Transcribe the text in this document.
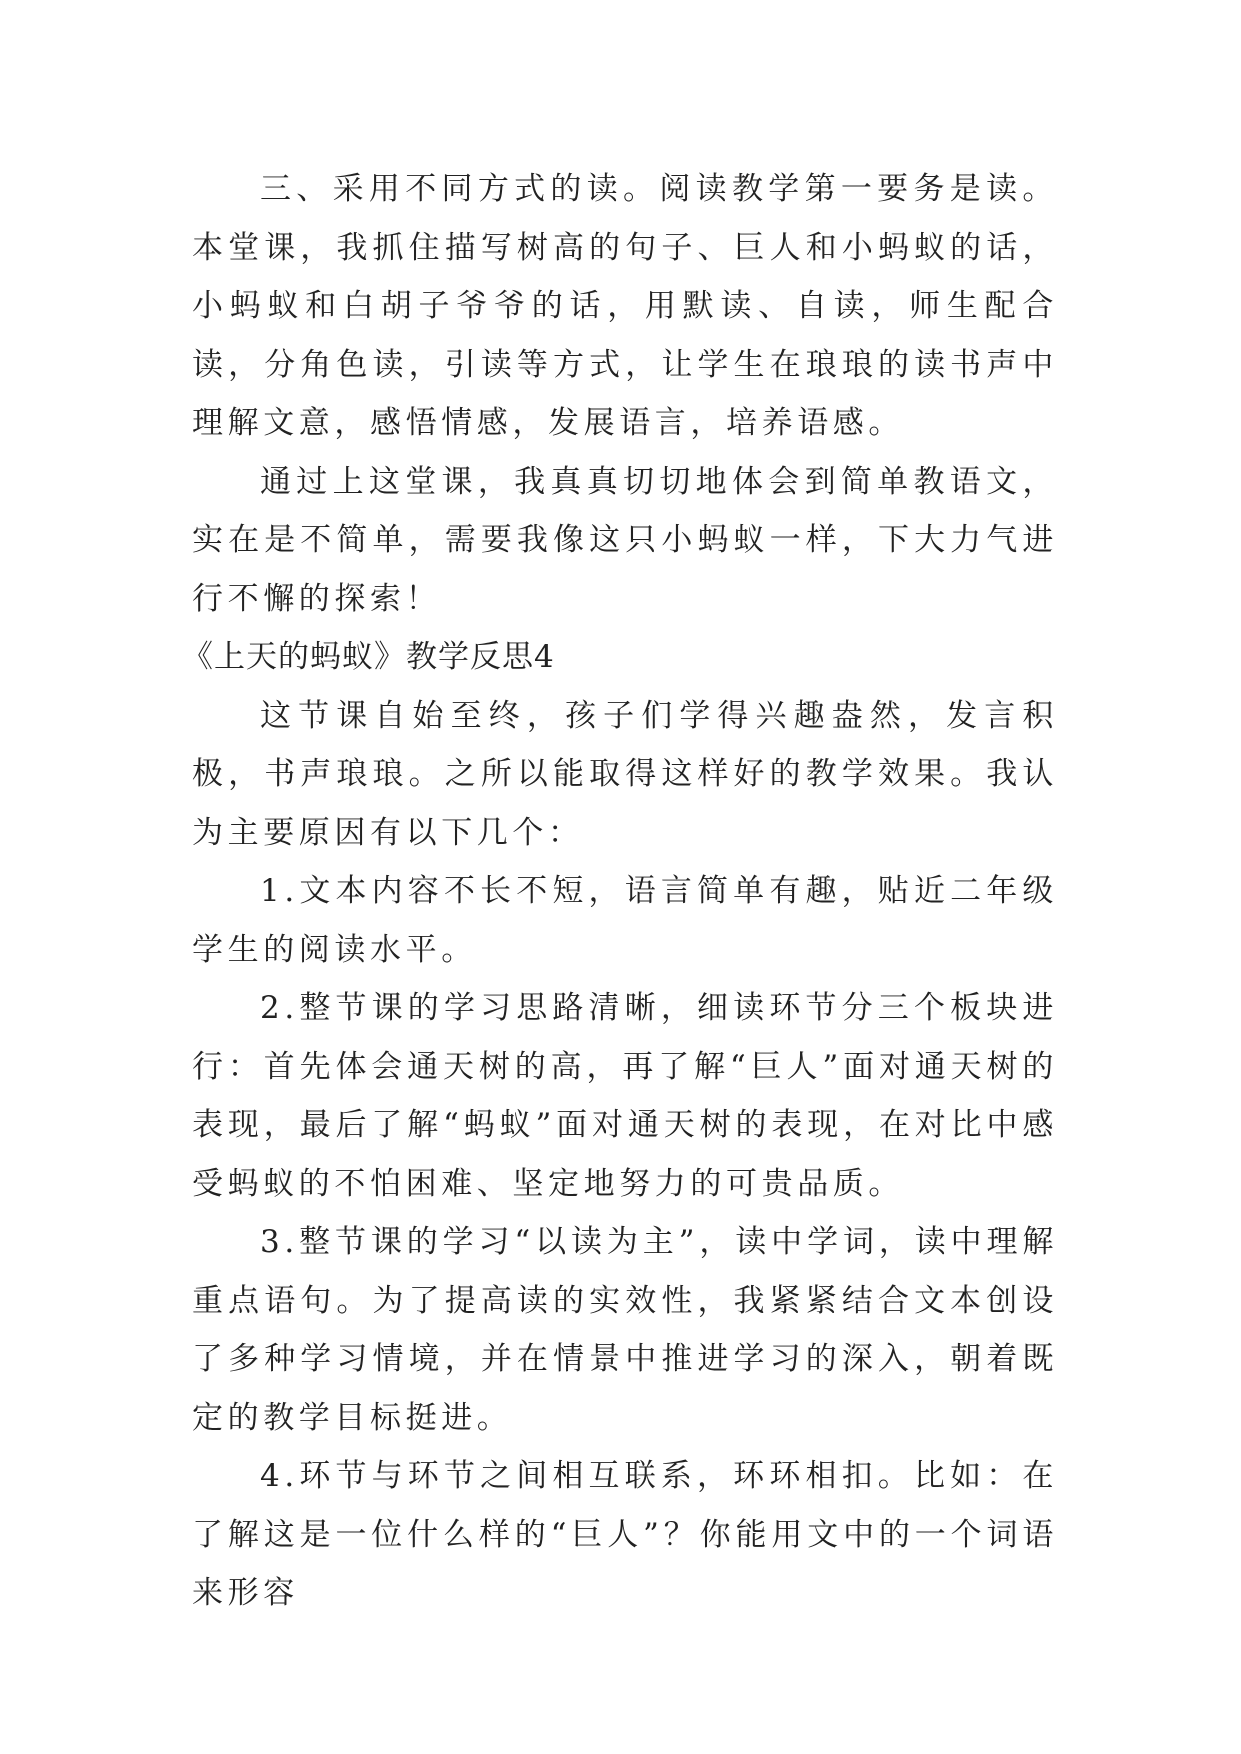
三、采用不同方式的读。阅读教学第一要务是读。本堂课，我抓住描写树高的句子、巨人和小蚂蚁的话，小蚂蚁和白胡子爷爷的话，用默读、自读，师生配合读，分角色读，引读等方式，让学生在琅琅的读书声中理解文意，感悟情感，发展语言，培养语感。

通过上这堂课，我真真切切地体会到简单教语文，实在是不简单，需要我像这只小蚂蚁一样，下大力气进行不懈的探索！

《上天的蚂蚁》教学反思4

这节课自始至终，孩子们学得兴趣盎然，发言积极，书声琅琅。之所以能取得这样好的教学效果。我认为主要原因有以下几个：

1.文本内容不长不短，语言简单有趣，贴近二年级学生的阅读水平。

2.整节课的学习思路清晰，细读环节分三个板块进行：首先体会通天树的高，再了解“巨人”面对通天树的表现，最后了解“蚂蚁”面对通天树的表现，在对比中感受蚂蚁的不怕困难、坚定地努力的可贵品质。

3.整节课的学习“以读为主”，读中学词，读中理解重点语句。为了提高读的实效性，我紧紧结合文本创设了多种学习情境，并在情景中推进学习的深入，朝着既定的教学目标挺进。

4.环节与环节之间相互联系，环环相扣。比如：在了解这是一位什么样的“巨人”？你能用文中的一个词语来形容
